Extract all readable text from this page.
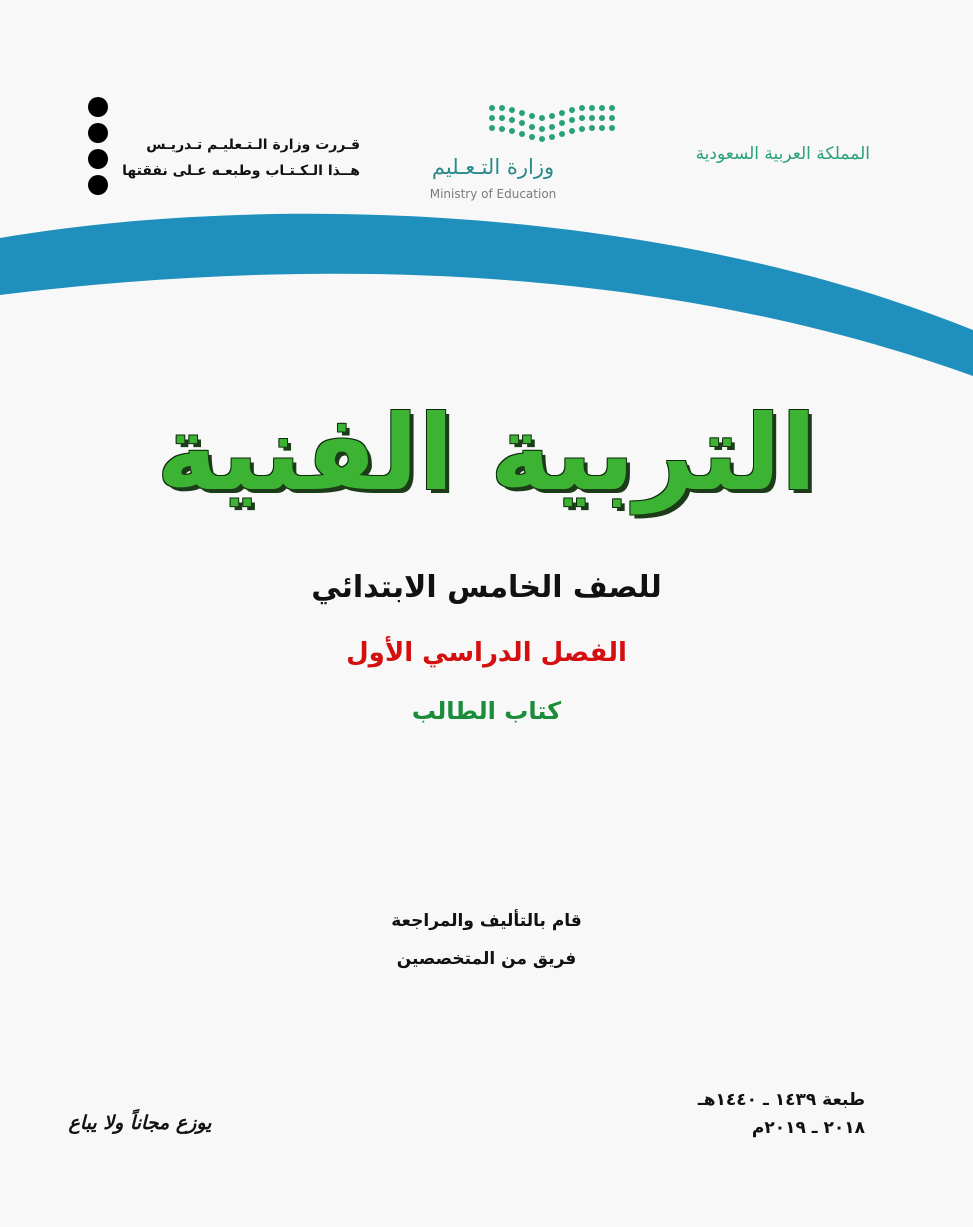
قـررت وزارة الـتـعليـم تـدريـس
هــذا الـكـتـاب وطبعـه عـلى نفقتها	وزارة التـعـليم
Ministry of Education
المملكة العربية السعودية
التربية الفنية
للصف الخامس الابتدائي
الفصل الدراسي الأول
كتاب الطالب
قام بالتأليف والمراجعة
فريق من المتخصصين
طبعة ١٤٣٩ ـ ١٤٤٠هـ
٢٠١٨ ـ ٢٠١٩م
يوزع مجاناً ولا يباع
